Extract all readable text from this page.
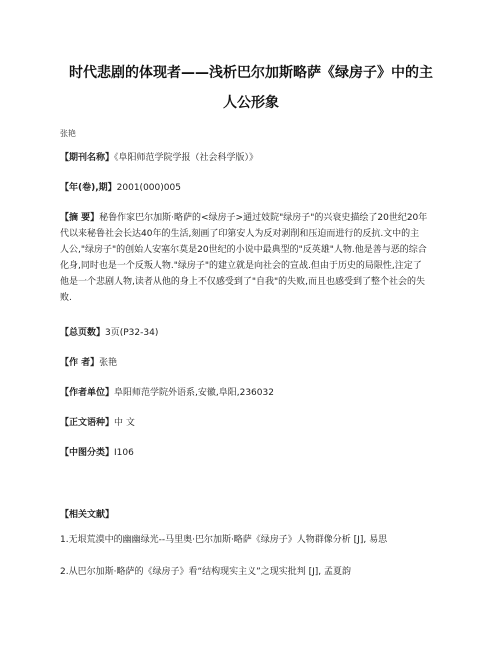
时代悲剧的体现者——浅析巴尔加斯略萨《绿房子》中的主
人公形象
张艳
【期刊名称】《阜阳师范学院学报（社会科学版）》
【年(卷),期】2001(000)005
【摘 要】秘鲁作家巴尔加斯·略萨的<绿房子>通过妓院"绿房子"的兴衰史描绘了20世纪20年代以来秘鲁社会长达40年的生活,刻画了印第安人为反对剥削和压迫而进行的反抗.文中的主人公,"绿房子"的创始人安塞尔莫是20世纪的小说中最典型的"反英雄"人物.他是善与恶的综合化身,同时也是一个反叛人物."绿房子"的建立就是向社会的宣战.但由于历史的局限性,注定了他是一个悲剧人物,读者从他的身上不仅感受到了"自我"的失败,而且也感受到了整个社会的失败.
【总页数】3页(P32-34)
【作 者】张艳
【作者单位】阜阳师范学院外语系,安徽,阜阳,236032
【正文语种】中 文
【中图分类】I106
【相关文献】
1.无垠荒漠中的幽幽绿光--马里奥·巴尔加斯·略萨《绿房子》人物群像分析 [J], 易思
2.从巴尔加斯·略萨的《绿房子》看“结构现实主义”之现实批判 [J], 孟夏韵
